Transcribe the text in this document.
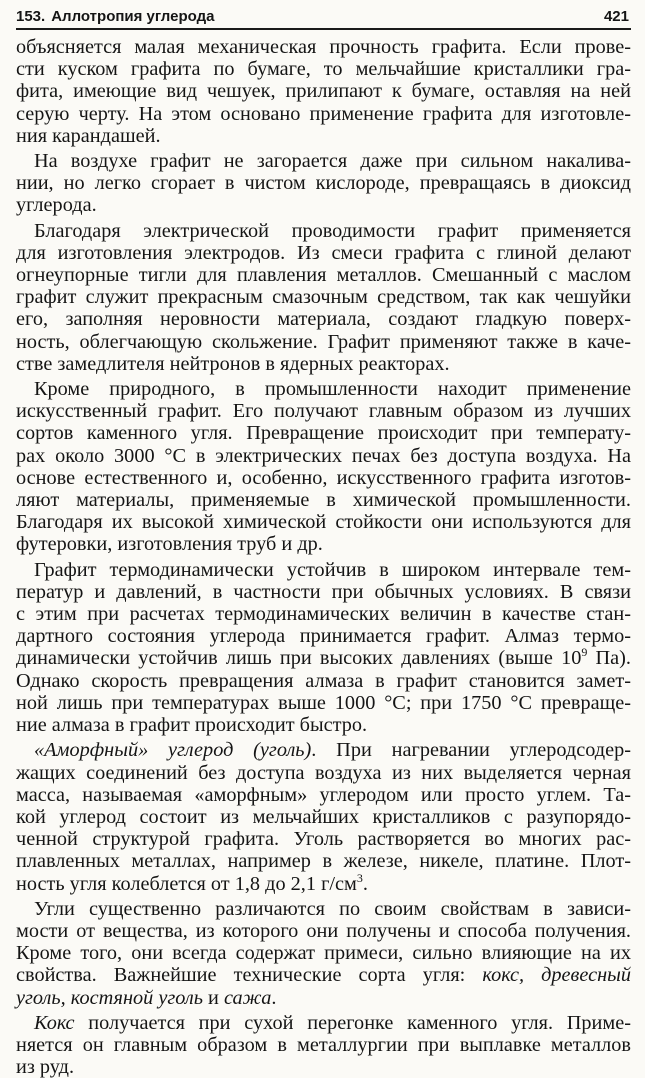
153. Аллотропия углерода	421
объясняется малая механическая прочность графита. Если прове-
сти куском графита по бумаге, то мельчайшие кристаллики гра-
фита, имеющие вид чешуек, прилипают к бумаге, оставляя на ней
серую черту. На этом основано применение графита для изготовле-
ния карандашей.
На воздухе графит не загорается даже при сильном накалива-
нии, но легко сгорает в чистом кислороде, превращаясь в диоксид
углерода.
Благодаря электрической проводимости графит применяется
для изготовления электродов. Из смеси графита с глиной делают
огнеупорные тигли для плавления металлов. Смешанный с маслом
графит служит прекрасным смазочным средством, так как чешуйки
его, заполняя неровности материала, создают гладкую поверх-
ность, облегчающую скольжение. Графит применяют также в каче-
стве замедлителя нейтронов в ядерных реакторах.
Кроме природного, в промышленности находит применение
искусственный графит. Его получают главным образом из лучших
сортов каменного угля. Превращение происходит при температу-
рах около 3000 °С в электрических печах без доступа воздуха. На
основе естественного и, особенно, искусственного графита изготов-
ляют материалы, применяемые в химической промышленности.
Благодаря их высокой химической стойкости они используются для
футеровки, изготовления труб и др.
Графит термодинамически устойчив в широком интервале тем-
ператур и давлений, в частности при обычных условиях. В связи
с этим при расчетах термодинамических величин в качестве стан-
дартного состояния углерода принимается графит. Алмаз термо-
динамически устойчив лишь при высоких давлениях (выше $10^9$ Па).
Однако скорость превращения алмаза в графит становится замет-
ной лишь при температурах выше 1000 °С; при 1750 °С превраще-
ние алмаза в графит происходит быстро.
«Аморфный» углерод (уголь). При нагревании углеродсодер-
жащих соединений без доступа воздуха из них выделяется черная
масса, называемая «аморфным» углеродом или просто углем. Та-
кой углерод состоит из мельчайших кристалликов с разупорядо-
ченной структурой графита. Уголь растворяется во многих рас-
плавленных металлах, например в железе, никеле, платине. Плот-
ность угля колеблется от 1,8 до 2,1 $г/см^3$.
Угли существенно различаются по своим свойствам в зависи-
мости от вещества, из которого они получены и способа получения.
Кроме того, они всегда содержат примеси, сильно влияющие на их
свойства. Важнейшие технические сорта угля: кокс, древесный
уголь, костяной уголь и сажа.
Кокс получается при сухой перегонке каменного угля. Приме-
няется он главным образом в металлургии при выплавке металлов
из руд.
